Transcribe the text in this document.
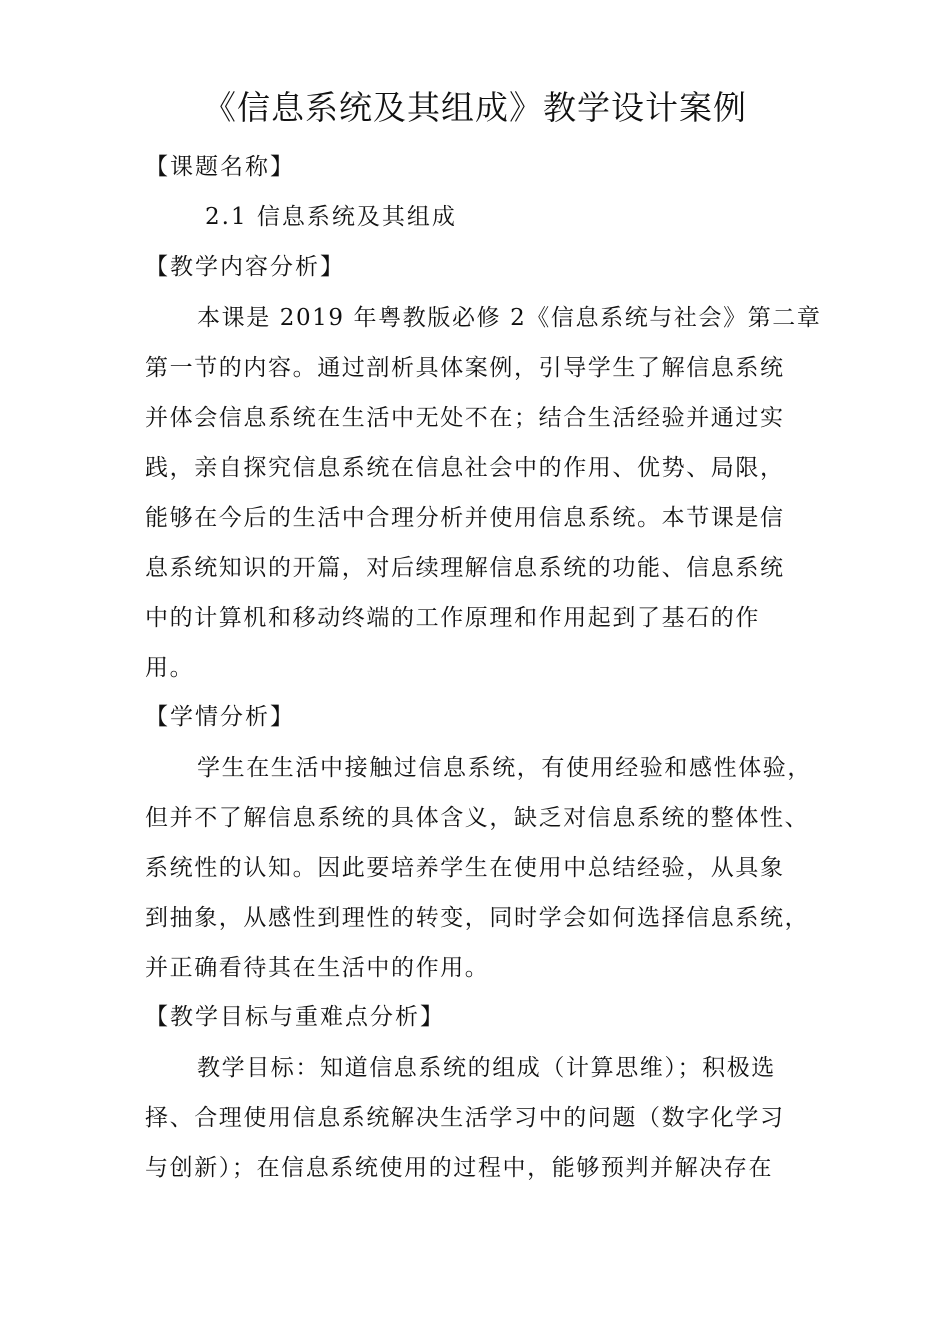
《信息系统及其组成》教学设计案例
【课题名称】
2.1 信息系统及其组成
【教学内容分析】
本课是 2019 年粤教版必修 2《信息系统与社会》第二章
第一节的内容。通过剖析具体案例，引导学生了解信息系统
并体会信息系统在生活中无处不在；结合生活经验并通过实
践，亲自探究信息系统在信息社会中的作用、优势、局限，
能够在今后的生活中合理分析并使用信息系统。本节课是信
息系统知识的开篇，对后续理解信息系统的功能、信息系统
中的计算机和移动终端的工作原理和作用起到了基石的作
用。
【学情分析】
学生在生活中接触过信息系统，有使用经验和感性体验，
但并不了解信息系统的具体含义，缺乏对信息系统的整体性、
系统性的认知。因此要培养学生在使用中总结经验，从具象
到抽象，从感性到理性的转变，同时学会如何选择信息系统，
并正确看待其在生活中的作用。
【教学目标与重难点分析】
教学目标：知道信息系统的组成（计算思维）；积极选
择、合理使用信息系统解决生活学习中的问题（数字化学习
与创新）；在信息系统使用的过程中，能够预判并解决存在
